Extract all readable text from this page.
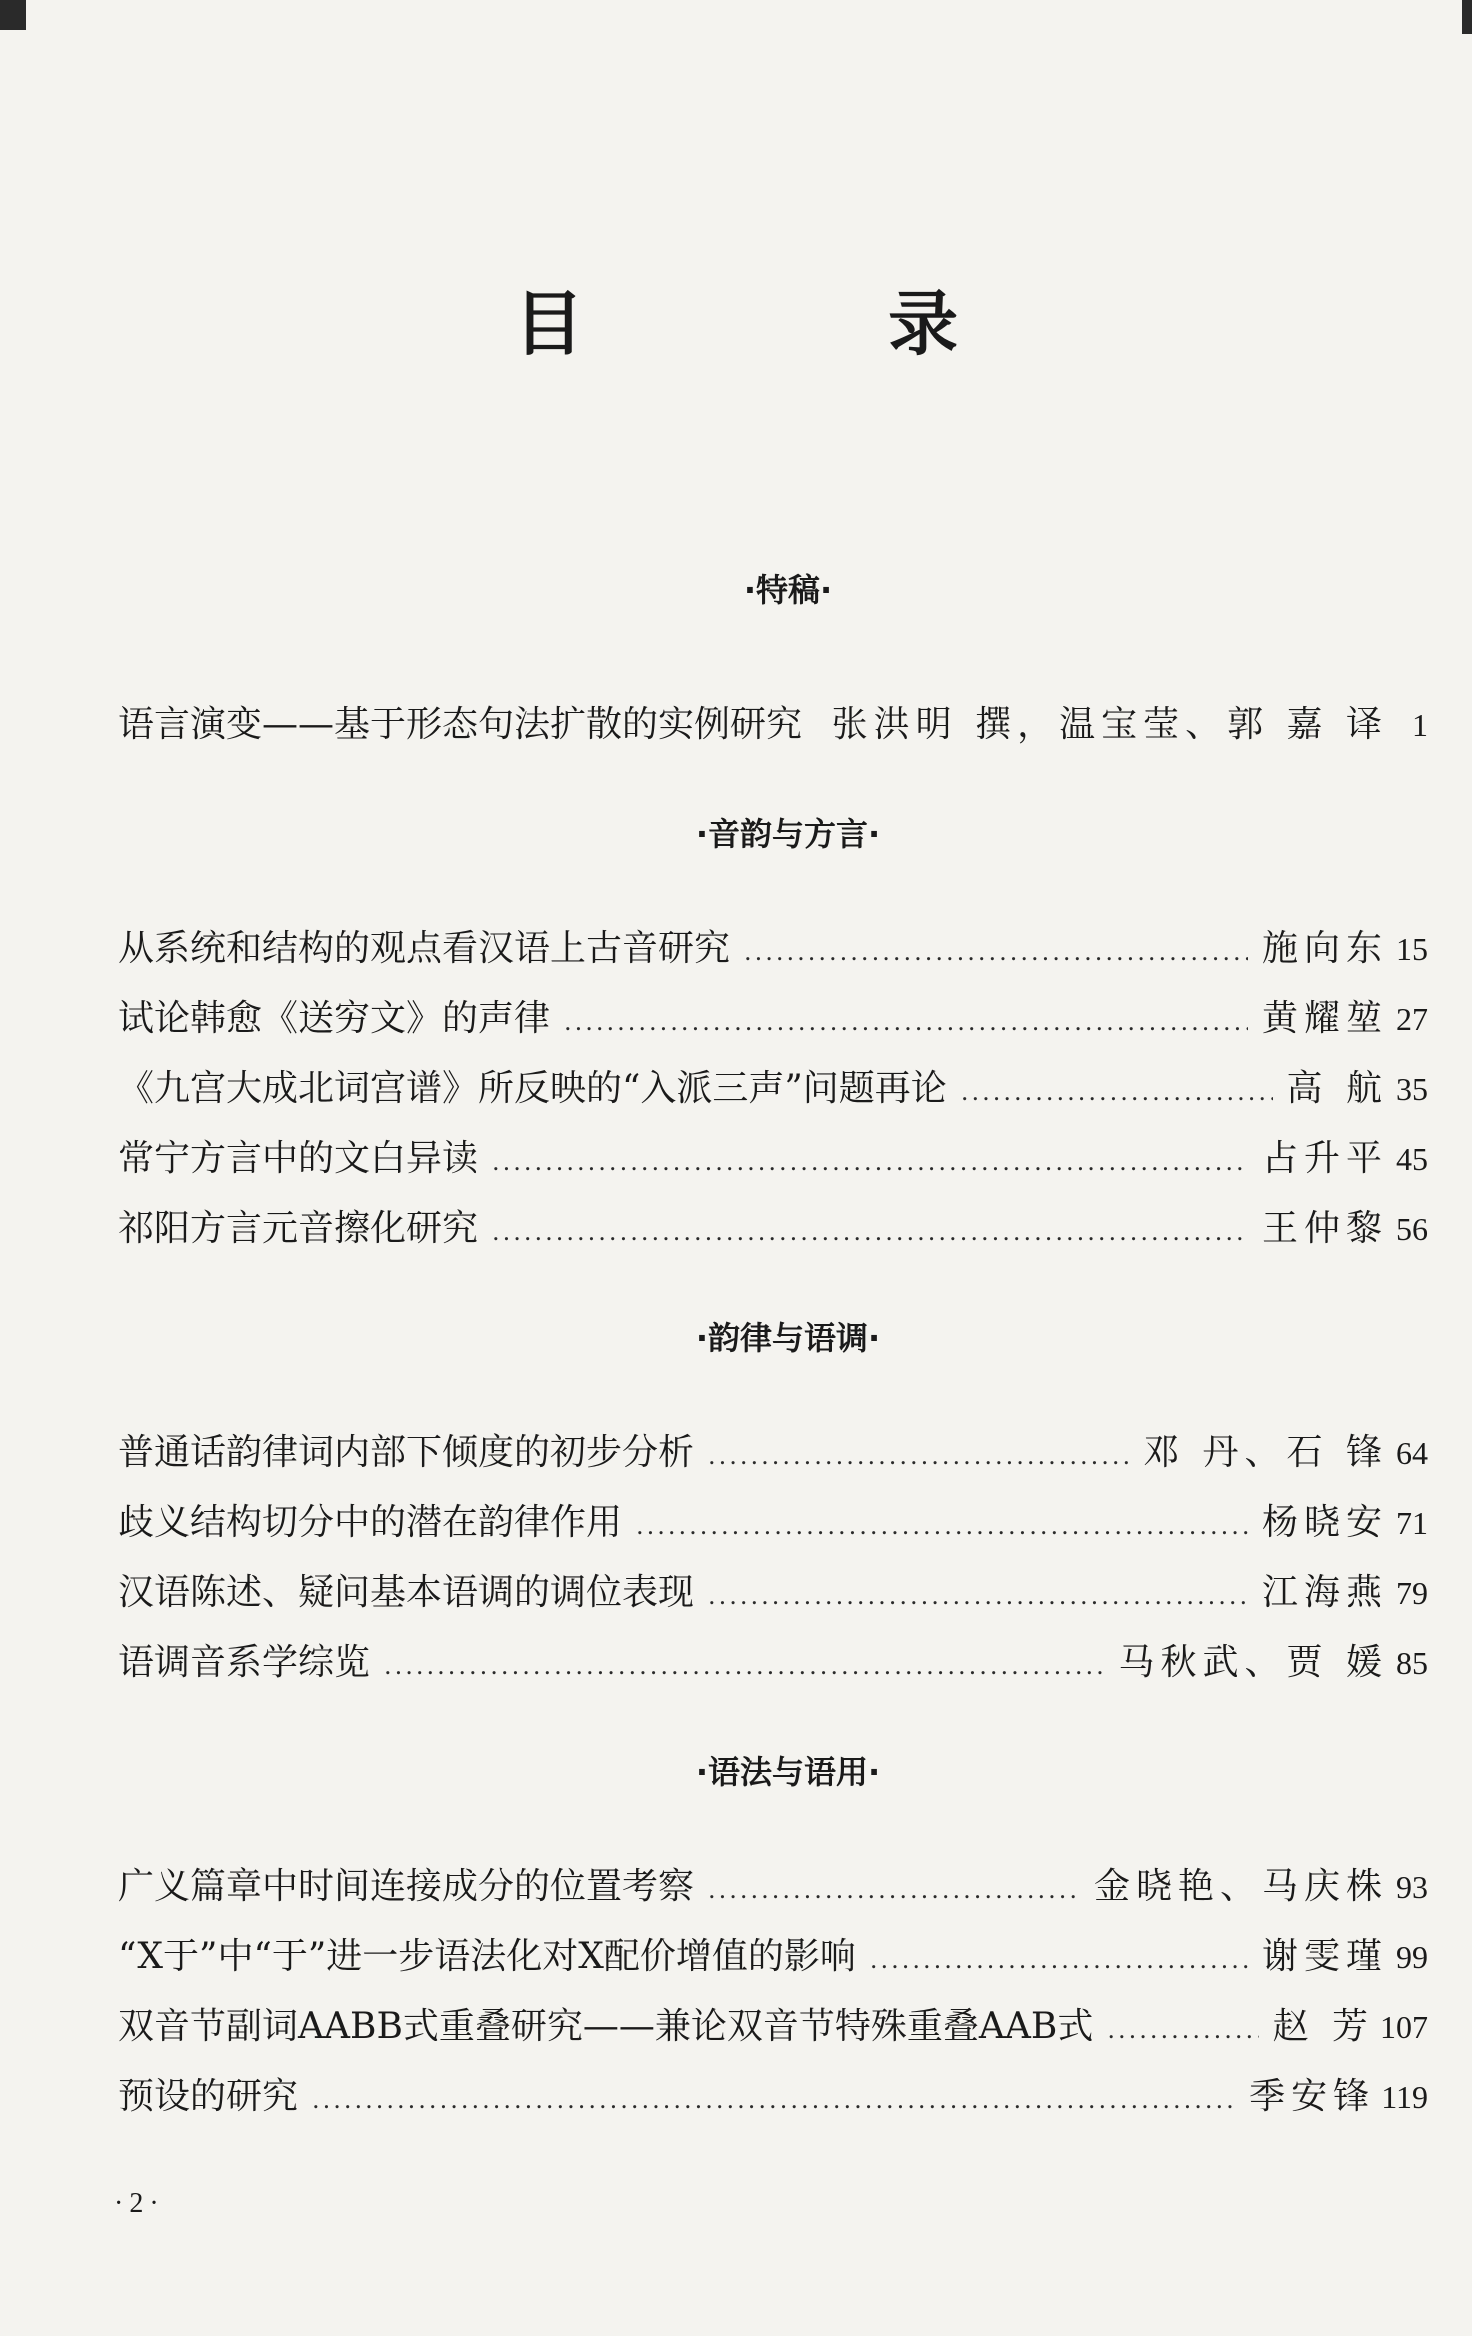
目 录
·特稿·
语言演变——基于形态句法扩散的实例研究 ..... 张洪明 撰，温宝莹、郭 嘉 译 1
·音韵与方言·
从系统和结构的观点看汉语上古音研究 .....	施向东 15
试论韩愈《送穷文》的声律 .....	黄耀堃 27
《九宫大成北词宫谱》所反映的“入派三声”问题再论 .....	高 航 35
常宁方言中的文白异读 .....	占升平 45
祁阳方言元音擦化研究 .....	王仲黎 56
·韵律与语调·
普通话韵律词内部下倾度的初步分析 .....	邓 丹、石 锋 64
歧义结构切分中的潜在韵律作用 .....	杨晓安 71
汉语陈述、疑问基本语调的调位表现 .....	江海燕 79
语调音系学综览 .....	马秋武、贾 媛 85
·语法与语用·
广义篇章中时间连接成分的位置考察 .....	金晓艳、马庆株 93
“X于”中“于”进一步语法化对X配价增值的影响 .....	谢雯瑾 99
双音节副词AABB式重叠研究——兼论双音节特殊重叠AAB式 .....	赵 芳 107
预设的研究 .....	季安锋 119
·2·
